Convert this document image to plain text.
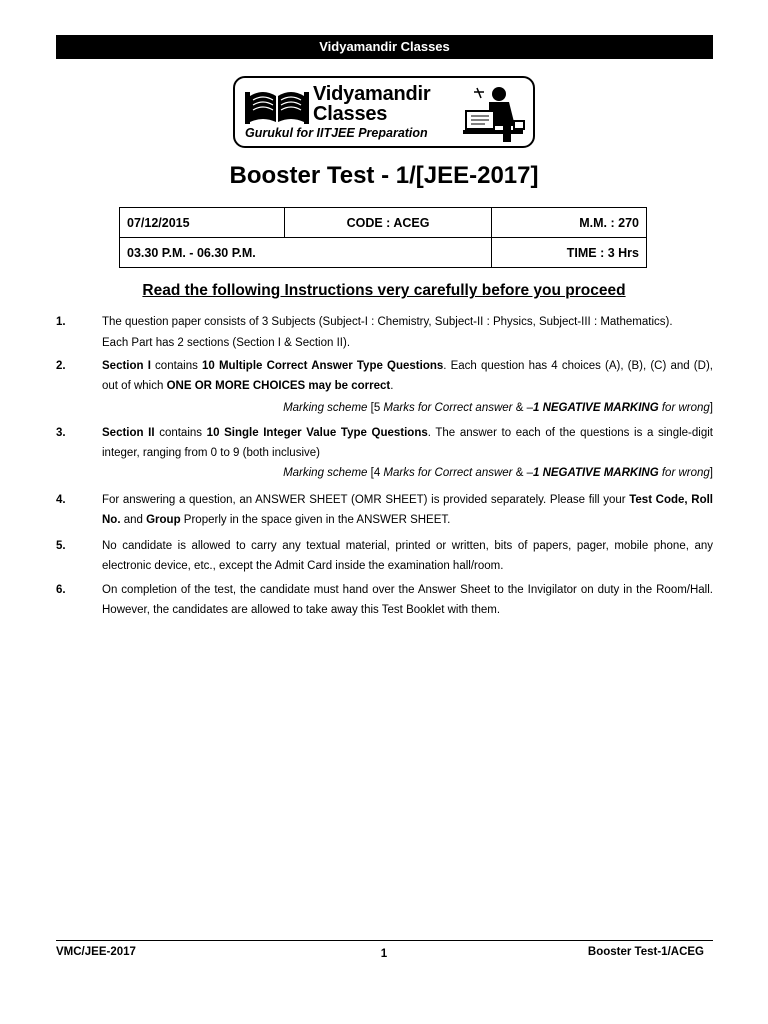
Vidyamandir Classes
Vidyamandir
Classes
Gurukul for IITJEE Preparation
Booster Test - 1/[JEE-2017]
07/12/2015	CODE : ACEG	M.M. : 270
03.30 P.M. - 06.30 P.M.		TIME : 3 Hrs
Read the following Instructions very carefully before you proceed
1.	The question paper consists of 3 Subjects (Subject-I : Chemistry, Subject-II : Physics, Subject-III : Mathematics).
Each Part has 2 sections (Section I & Section II).
2.	Section I contains 10 Multiple Correct Answer Type Questions. Each question has 4 choices (A), (B), (C) and (D), out of which ONE OR MORE CHOICES may be correct.
Marking scheme [5 Marks for Correct answer & –1 NEGATIVE MARKING for wrong]
3.	Section II contains 10 Single Integer Value Type Questions. The answer to each of the questions is a single-digit integer, ranging from 0 to 9 (both inclusive)
Marking scheme [4 Marks for Correct answer & –1 NEGATIVE MARKING for wrong]
4.	For answering a question, an ANSWER SHEET (OMR SHEET) is provided separately. Please fill your Test Code, Roll No. and Group Properly in the space given in the ANSWER SHEET.
5.	No candidate is allowed to carry any textual material, printed or written, bits of papers, pager, mobile phone, any electronic device, etc., except the Admit Card inside the examination hall/room.
6.	On completion of the test, the candidate must hand over the Answer Sheet to the Invigilator on duty in the Room/Hall. However, the candidates are allowed to take away this Test Booklet with them.
VMC/JEE-2017	1	Booster Test-1/ACEG
